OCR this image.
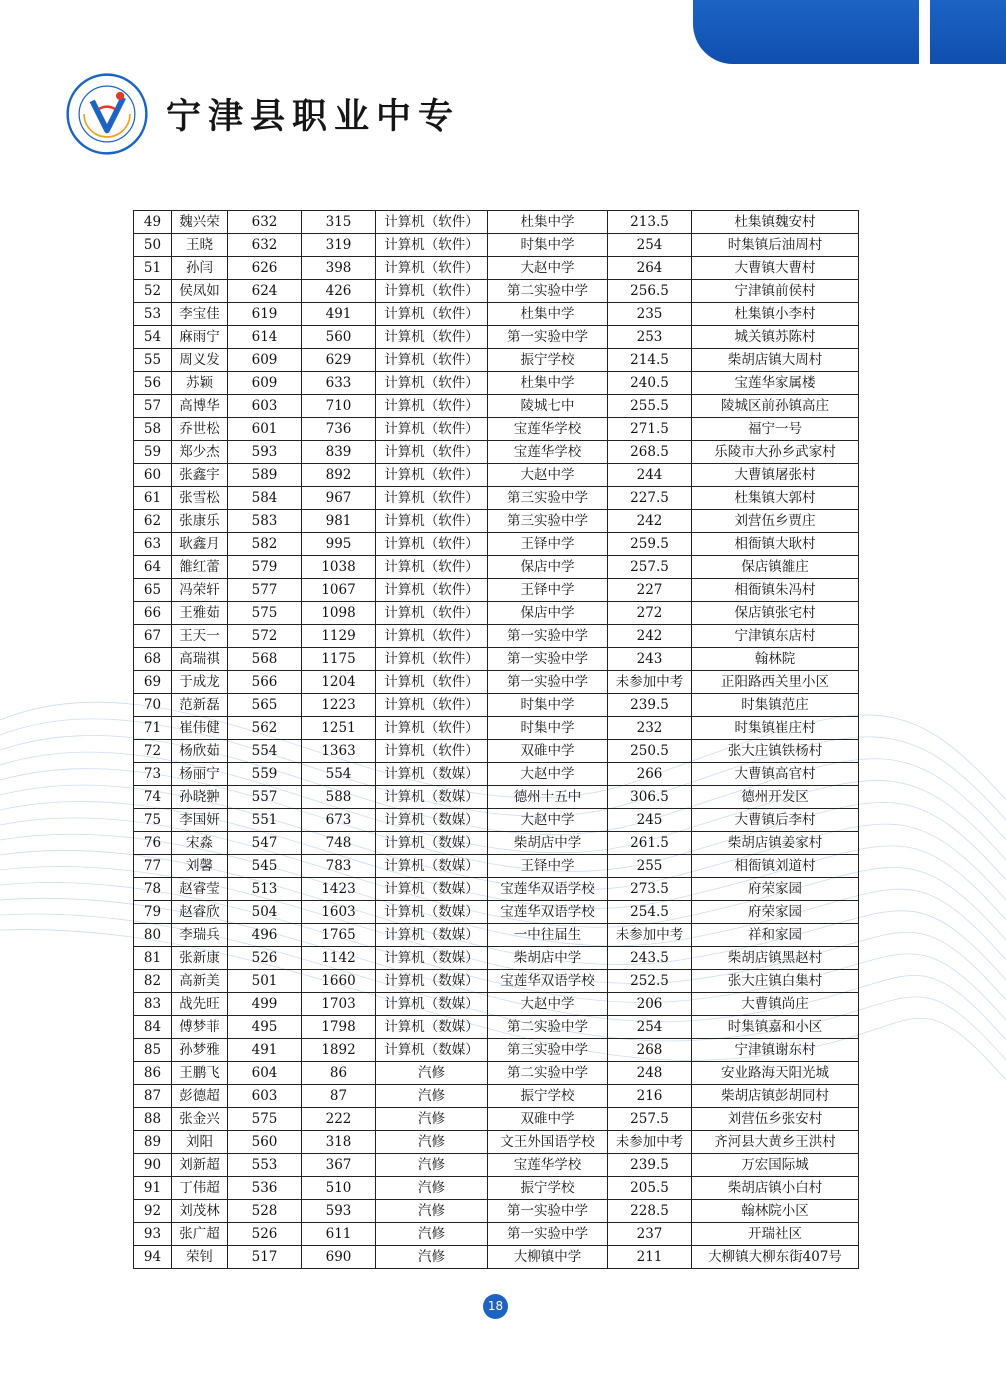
宁津县职业中专
49	魏兴荣	632	315	计算机（软件）	杜集中学	213.5	杜集镇魏安村
50	王晓	632	319	计算机（软件）	时集中学	254	时集镇后油周村
51	孙闫	626	398	计算机（软件）	大赵中学	264	大曹镇大曹村
52	侯凤如	624	426	计算机（软件）	第二实验中学	256.5	宁津镇前侯村
53	李宝佳	619	491	计算机（软件）	杜集中学	235	杜集镇小李村
54	麻雨宁	614	560	计算机（软件）	第一实验中学	253	城关镇苏陈村
55	周义发	609	629	计算机（软件）	振宁学校	214.5	柴胡店镇大周村
56	苏颖	609	633	计算机（软件）	杜集中学	240.5	宝莲华家属楼
57	高博华	603	710	计算机（软件）	陵城七中	255.5	陵城区前孙镇高庄
58	乔世松	601	736	计算机（软件）	宝莲华学校	271.5	福宁一号
59	郑少杰	593	839	计算机（软件）	宝莲华学校	268.5	乐陵市大孙乡武家村
60	张鑫宇	589	892	计算机（软件）	大赵中学	244	大曹镇屠张村
61	张雪松	584	967	计算机（软件）	第三实验中学	227.5	杜集镇大郭村
62	张康乐	583	981	计算机（软件）	第三实验中学	242	刘营伍乡贾庄
63	耿鑫月	582	995	计算机（软件）	王铎中学	259.5	相衙镇大耿村
64	雒红蕾	579	1038	计算机（软件）	保店中学	257.5	保店镇雒庄
65	冯荣轩	577	1067	计算机（软件）	王铎中学	227	相衙镇朱冯村
66	王雅茹	575	1098	计算机（软件）	保店中学	272	保店镇张宅村
67	王天一	572	1129	计算机（软件）	第一实验中学	242	宁津镇东店村
68	高瑞祺	568	1175	计算机（软件）	第一实验中学	243	翰林院
69	于成龙	566	1204	计算机（软件）	第一实验中学	未参加中考	正阳路西关里小区
70	范新磊	565	1223	计算机（软件）	时集中学	239.5	时集镇范庄
71	崔伟健	562	1251	计算机（软件）	时集中学	232	时集镇崔庄村
72	杨欣茹	554	1363	计算机（软件）	双碓中学	250.5	张大庄镇铁杨村
73	杨丽宁	559	554	计算机（数媒）	大赵中学	266	大曹镇高官村
74	孙晓翀	557	588	计算机（数媒）	德州十五中	306.5	德州开发区
75	李国妍	551	673	计算机（数媒）	大赵中学	245	大曹镇后李村
76	宋淼	547	748	计算机（数媒）	柴胡店中学	261.5	柴胡店镇姜家村
77	刘馨	545	783	计算机（数媒）	王铎中学	255	相衙镇刘道村
78	赵睿莹	513	1423	计算机（数媒）	宝莲华双语学校	273.5	府荣家园
79	赵睿欣	504	1603	计算机（数媒）	宝莲华双语学校	254.5	府荣家园
80	李瑞兵	496	1765	计算机（数媒）	一中往届生	未参加中考	祥和家园
81	张新康	526	1142	计算机（数媒）	柴胡店中学	243.5	柴胡店镇黑赵村
82	高新美	501	1660	计算机（数媒）	宝莲华双语学校	252.5	张大庄镇白集村
83	战先旺	499	1703	计算机（数媒）	大赵中学	206	大曹镇尚庄
84	傅梦菲	495	1798	计算机（数媒）	第二实验中学	254	时集镇嘉和小区
85	孙梦雅	491	1892	计算机（数媒）	第三实验中学	268	宁津镇谢东村
86	王鹏飞	604	86	汽修	第二实验中学	248	安业路海天阳光城
87	彭德超	603	87	汽修	振宁学校	216	柴胡店镇彭胡同村
88	张金兴	575	222	汽修	双碓中学	257.5	刘营伍乡张安村
89	刘阳	560	318	汽修	文王外国语学校	未参加中考	齐河县大黄乡王洪村
90	刘新超	553	367	汽修	宝莲华学校	239.5	万宏国际城
91	丁伟超	536	510	汽修	振宁学校	205.5	柴胡店镇小白村
92	刘茂林	528	593	汽修	第一实验中学	228.5	翰林院小区
93	张广超	526	611	汽修	第一实验中学	237	开瑞社区
94	荣钊	517	690	汽修	大柳镇中学	211	大柳镇大柳东街407号
18
